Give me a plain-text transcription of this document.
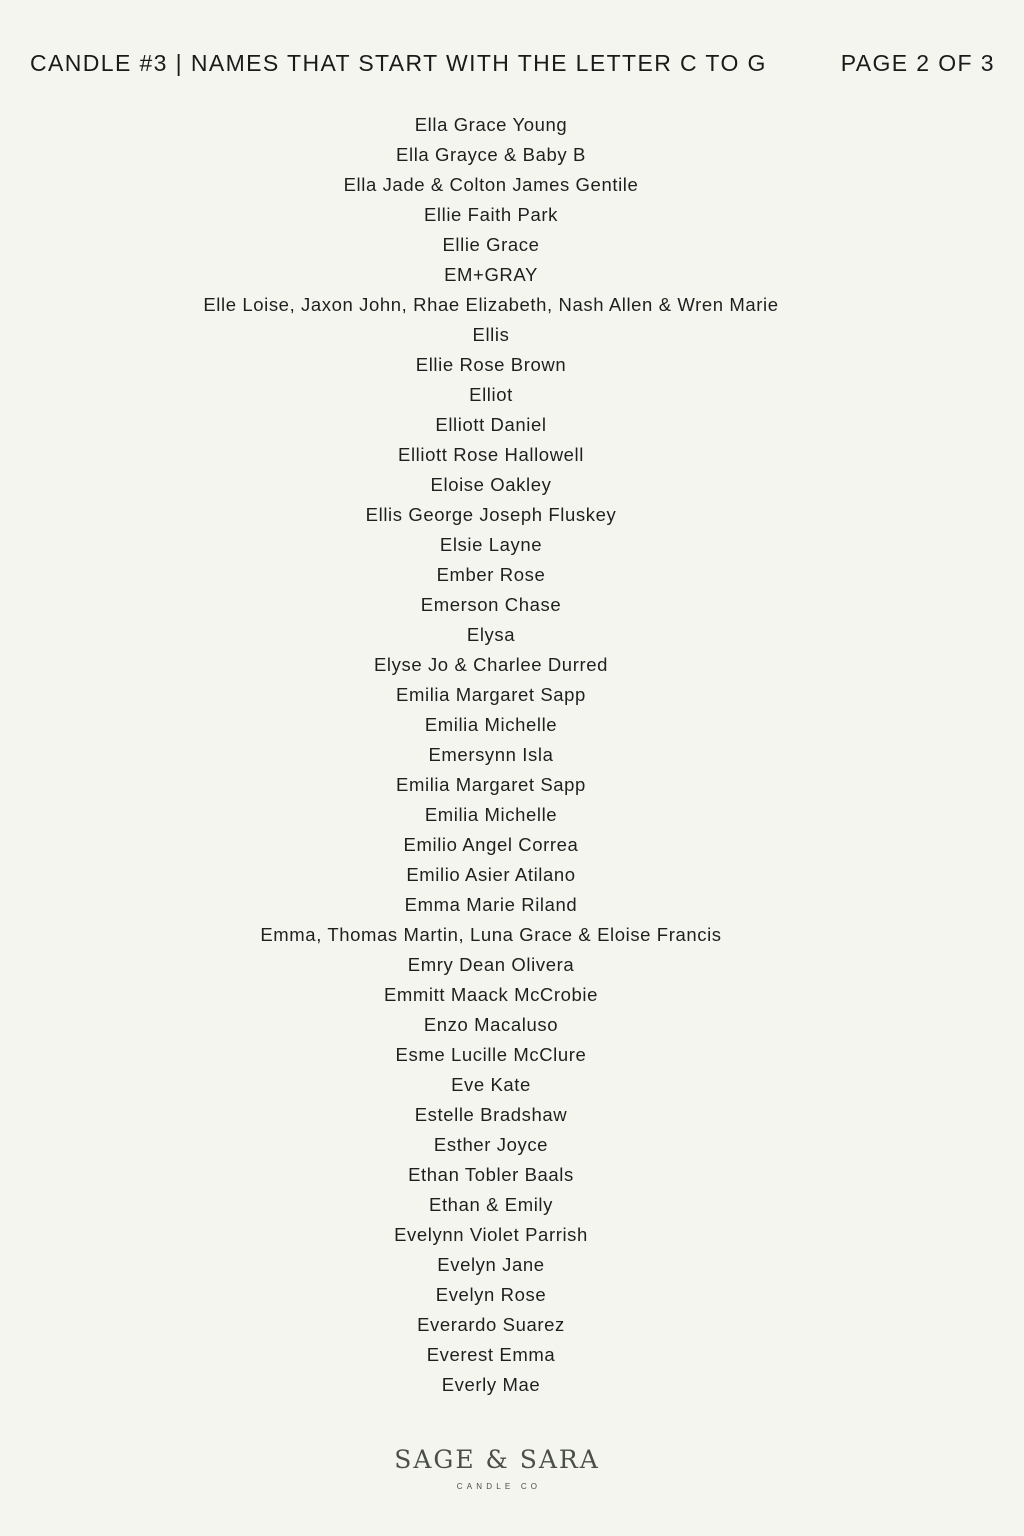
CANDLE #3 | NAMES THAT START WITH THE LETTER C TO G	PAGE 2 OF 3
Ella Grace Young
Ella Grayce & Baby B
Ella Jade & Colton James Gentile
Ellie Faith Park
Ellie Grace
EM+GRAY
Elle Loise, Jaxon John, Rhae Elizabeth, Nash Allen & Wren Marie
Ellis
Ellie Rose Brown
Elliot
Elliott Daniel
Elliott Rose Hallowell
Eloise Oakley
Ellis George Joseph Fluskey
Elsie Layne
Ember Rose
Emerson Chase
Elysa
Elyse Jo & Charlee Durred
Emilia Margaret Sapp
Emilia Michelle
Emersynn Isla
Emilia Margaret Sapp
Emilia Michelle
Emilio Angel Correa
Emilio Asier Atilano
Emma Marie Riland
Emma, Thomas Martin, Luna Grace & Eloise Francis
Emry Dean Olivera
Emmitt Maack McCrobie
Enzo Macaluso
Esme Lucille McClure
Eve Kate
Estelle Bradshaw
Esther Joyce
Ethan Tobler Baals
Ethan & Emily
Evelynn Violet Parrish
Evelyn Jane
Evelyn Rose
Everardo Suarez
Everest Emma
Everly Mae
SAGE & SARA
CANDLE CO
